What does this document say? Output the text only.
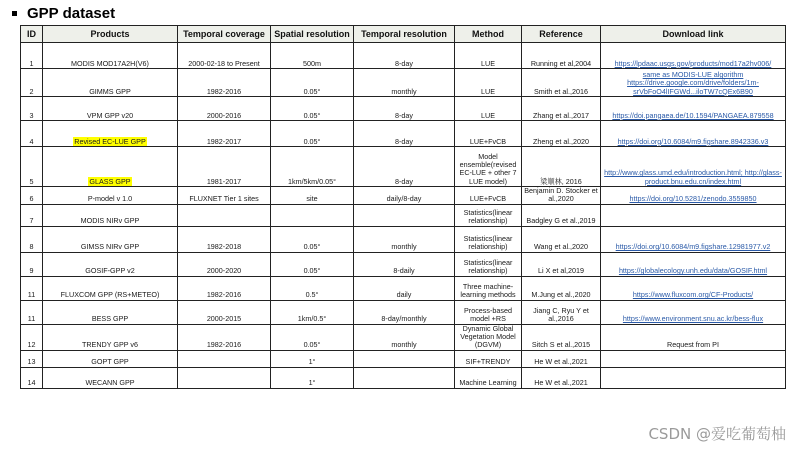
GPP dataset
ID	Products	Temporal coverage	Spatial resolution	Temporal resolution	Method	Reference	Download link
1	MODIS MOD17A2H(V6)	2000-02-18 to Present	500m	8-day	LUE	Running et al,2004	https://lpdaac.usgs.gov/products/mod17a2hv006/
2	GIMMS GPP	1982-2016	0.05°	monthly	LUE	Smith et al.,2016	same as MODIS-LUE algorithm https://drive.google.com/drive/folders/1m-srVbFoO4lIFGWd...iloTW7cQEx6B90
3	VPM GPP v20	2000-2016	0.05°	8-day	LUE	Zhang et al.,2017	https://doi.pangaea.de/10.1594/PANGAEA.879558
4	Revised EC-LUE GPP	1982-2017	0.05°	8-day	LUE+FvCB	Zheng et al.,2020	https://doi.org/10.6084/m9.figshare.8942336.v3
5	GLASS GPP	1981-2017	1km/5km/0.05°	8-day	Model ensemble(revised EC-LUE + other 7 LUE model)	梁顺林, 2016	http://www.glass.umd.edu/introduction.html; http://glass-product.bnu.edu.cn/index.html
6	P-model v 1.0	FLUXNET Tier 1 sites	site	daily/8-day	LUE+FvCB	Benjamin D. Stocker et al.,2020	https://doi.org/10.5281/zenodo.3559850
7	MODIS NIRv GPP				Statistics(linear relationship)	Badgley G et al.,2019	
8	GIMSS NIRv GPP	1982-2018	0.05°	monthly	Statistics(linear relationship)	Wang et al.,2020	https://doi.org/10.6084/m9.figshare.12981977.v2
9	GOSIF-GPP v2	2000-2020	0.05°	8-daily	Statistics(linear relationship)	Li X et al,2019	https://globalecology.unh.edu/data/GOSIF.html
11	FLUXCOM GPP (RS+METEO)	1982-2016	0.5°	daily	Three machine-learning methods	M.Jung et al.,2020	https://www.fluxcom.org/CF-Products/
11	BESS GPP	2000-2015	1km/0.5°	8-day/monthly	Process-based model +RS	Jiang C, Ryu Y et al.,2016	https://www.environment.snu.ac.kr/bess-flux
12	TRENDY GPP v6	1982-2016	0.05°	monthly	Dynamic Global Vegetation Model (DGVM)	Sitch S et al.,2015	Request from PI
13	GOPT GPP		1°		SIF+TRENDY	He W et al.,2021	
14	WECANN GPP		1°		Machine Learning	He W et al.,2021	
CSDN @爱吃葡萄柚
